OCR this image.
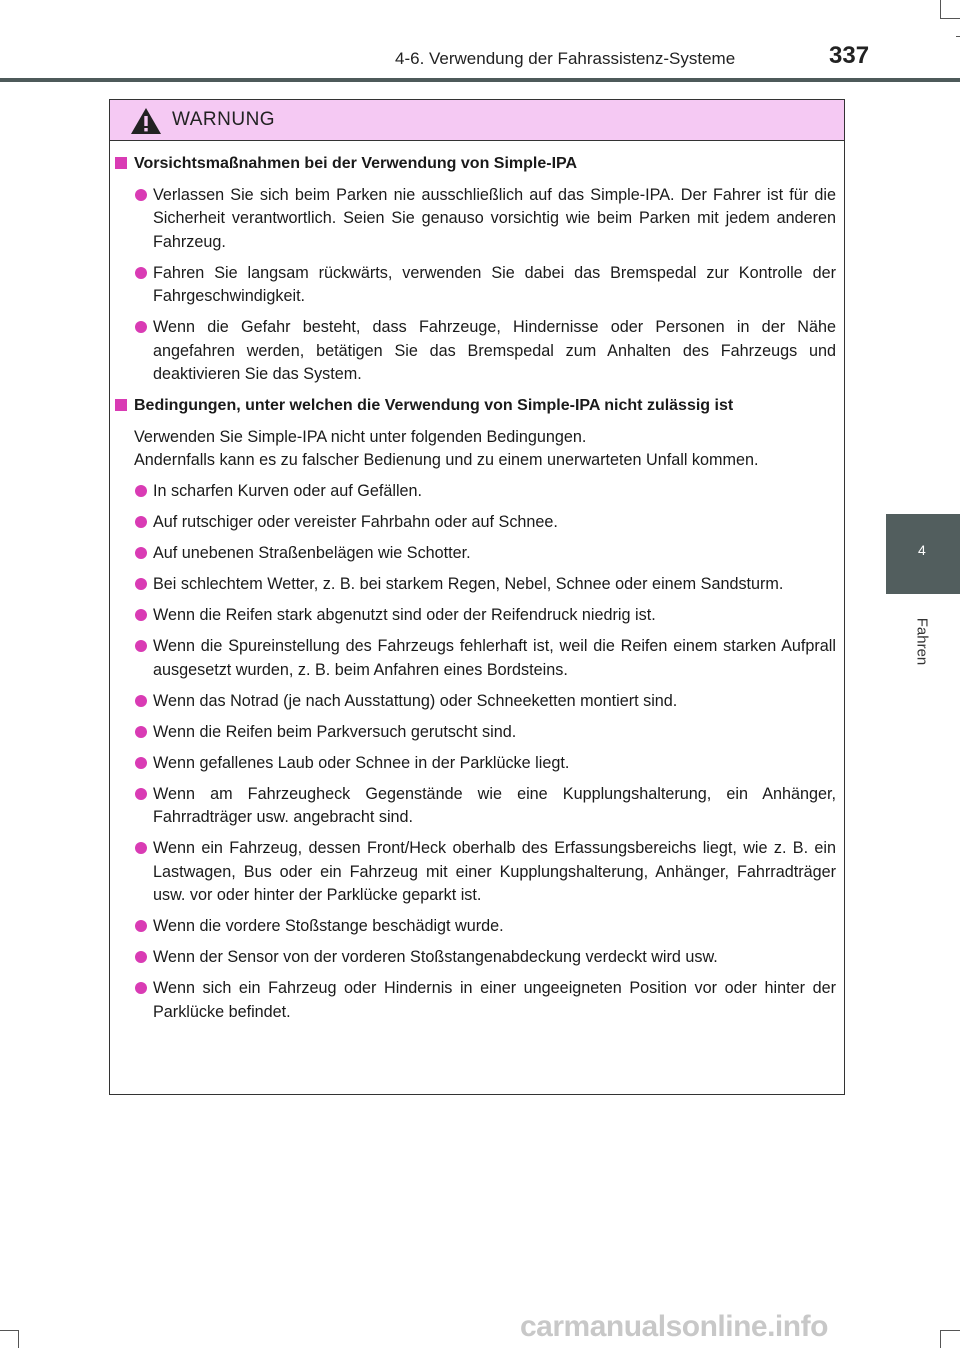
4-6. Verwendung der Fahrassistenz-Systeme	337
4
Fahren
WARNUNG
Vorsichtsmaßnahmen bei der Verwendung von Simple-IPA
Verlassen Sie sich beim Parken nie ausschließlich auf das Simple-IPA. Der Fahrer ist für die Sicherheit verantwortlich. Seien Sie genauso vorsichtig wie beim Parken mit jedem anderen Fahrzeug.
Fahren Sie langsam rückwärts, verwenden Sie dabei das Bremspedal zur Kontrolle der Fahrgeschwindigkeit.
Wenn die Gefahr besteht, dass Fahrzeuge, Hindernisse oder Personen in der Nähe angefahren werden, betätigen Sie das Bremspedal zum Anhalten des Fahrzeugs und deaktivieren Sie das System.
Bedingungen, unter welchen die Verwendung von Simple-IPA nicht zulässig ist
Verwenden Sie Simple-IPA nicht unter folgenden Bedingungen.
Andernfalls kann es zu falscher Bedienung und zu einem unerwarteten Unfall kommen.
In scharfen Kurven oder auf Gefällen.
Auf rutschiger oder vereister Fahrbahn oder auf Schnee.
Auf unebenen Straßenbelägen wie Schotter.
Bei schlechtem Wetter, z. B. bei starkem Regen, Nebel, Schnee oder einem Sandsturm.
Wenn die Reifen stark abgenutzt sind oder der Reifendruck niedrig ist.
Wenn die Spureinstellung des Fahrzeugs fehlerhaft ist, weil die Reifen einem starken Aufprall ausgesetzt wurden, z. B. beim Anfahren eines Bordsteins.
Wenn das Notrad (je nach Ausstattung) oder Schneeketten montiert sind.
Wenn die Reifen beim Parkversuch gerutscht sind.
Wenn gefallenes Laub oder Schnee in der Parklücke liegt.
Wenn am Fahrzeugheck Gegenstände wie eine Kupplungshalterung, ein Anhänger, Fahrradträger usw. angebracht sind.
Wenn ein Fahrzeug, dessen Front/Heck oberhalb des Erfassungsbereichs liegt, wie z. B. ein Lastwagen, Bus oder ein Fahrzeug mit einer Kupplungshalterung, Anhänger, Fahrradträger usw. vor oder hinter der Parklücke geparkt ist.
Wenn die vordere Stoßstange beschädigt wurde.
Wenn der Sensor von der vorderen Stoßstangenabdeckung verdeckt wird usw.
Wenn sich ein Fahrzeug oder Hindernis in einer ungeeigneten Position vor oder hinter der Parklücke befindet.
carmanualsonline.info
